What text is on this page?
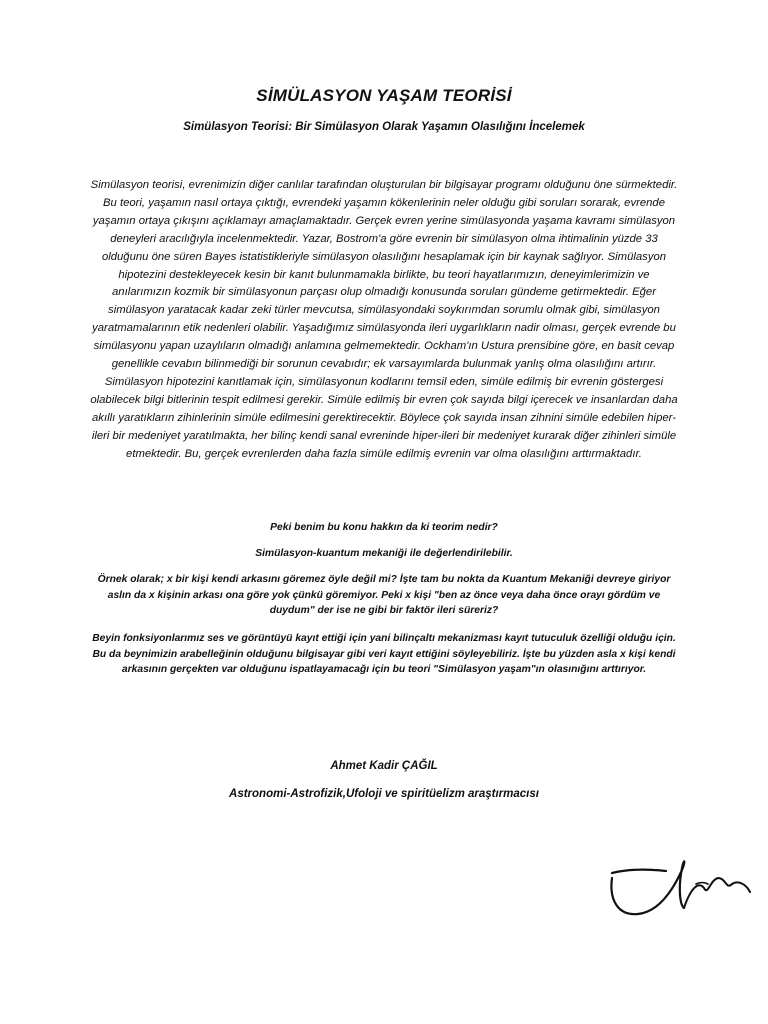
SİMÜLASYON YAŞAM TEORİSİ
Simülasyon Teorisi: Bir Simülasyon Olarak Yaşamın Olasılığını İncelemek

Simülasyon teorisi, evrenimizin diğer canlılar tarafından oluşturulan bir bilgisayar programı olduğunu öne sürmektedir. Bu teori, yaşamın nasıl ortaya çıktığı, evrendeki yaşamın kökenlerinin neler olduğu gibi soruları sorarak, evrende yaşamın ortaya çıkışını açıklamayı amaçlamaktadır. Gerçek evren yerine simülasyonda yaşama kavramı simülasyon deneyleri aracılığıyla incelenmektedir. Yazar, Bostrom'a göre evrenin bir simülasyon olma ihtimalinin yüzde 33 olduğunu öne süren Bayes istatistikleriyle simülasyon olasılığını hesaplamak için bir kaynak sağlıyor. Simülasyon hipotezini destekleyecek kesin bir kanıt bulunmamakla birlikte, bu teori hayatlarımızın, deneyimlerimizin ve anılarımızın kozmik bir simülasyonun parçası olup olmadığı konusunda soruları gündeme getirmektedir. Eğer simülasyon yaratacak kadar zeki türler mevcutsa, simülasyondaki soykırımdan sorumlu olmak gibi, simülasyon yaratmamalarının etik nedenleri olabilir. Yaşadığımız simülasyonda ileri uygarlıkların nadir olması, gerçek evrende bu simülasyonu yapan uzaylıların olmadığı anlamına gelmemektedir. Ockham'ın Ustura prensibine göre, en basit cevap genellikle cevabın bilinmediği bir sorunun cevabıdır; ek varsayımlarda bulunmak yanlış olma olasılığını artırır. Simülasyon hipotezini kanıtlamak için, simülasyonun kodlarını temsil eden, simüle edilmiş bir evrenin göstergesi olabilecek bilgi bitlerinin tespit edilmesi gerekir. Simüle edilmiş bir evren çok sayıda bilgi içerecek ve insanlardan daha akıllı yaratıkların zihinlerinin simüle edilmesini gerektirecektir. Böylece çok sayıda insan zihnini simüle edebilen hiper-ileri bir medeniyet yaratılmakta, her bilinç kendi sanal evreninde hiper-ileri bir medeniyet kurarak diğer zihinleri simüle etmektedir. Bu, gerçek evrenlerden daha fazla simüle edilmiş evrenin var olma olasılığını arttırmaktadır.

Peki benim bu konu hakkın da ki teorim nedir?

Simülasyon-kuantum mekaniği ile değerlendirilebilir.

Örnek olarak; x bir kişi kendi arkasını göremez öyle değil mi? İşte tam bu nokta da Kuantum Mekaniği devreye giriyor aslın da x kişinin arkası ona göre yok çünkü göremiyor. Peki x kişi "ben az önce veya daha önce orayı gördüm ve duydum" der ise ne gibi bir faktör ileri süreriz?

Beyin fonksiyonlarımız ses ve görüntüyü kayıt ettiği için yani bilinçaltı mekanizması kayıt tutuculuk özelliği olduğu için. Bu da beynimizin arabelleğinin olduğunu bilgisayar gibi veri kayıt ettiğini söyleyebiliriz. İşte bu yüzden asla x kişi kendi arkasının gerçekten var olduğunu ispatlayamacağı için bu teori "Simülasyon yaşam"ın olasınığını arttırıyor.

Ahmet Kadir ÇAĞIL
Astronomi-Astrofizik,Ufoloji ve spiritüelizm araştırmacısı
